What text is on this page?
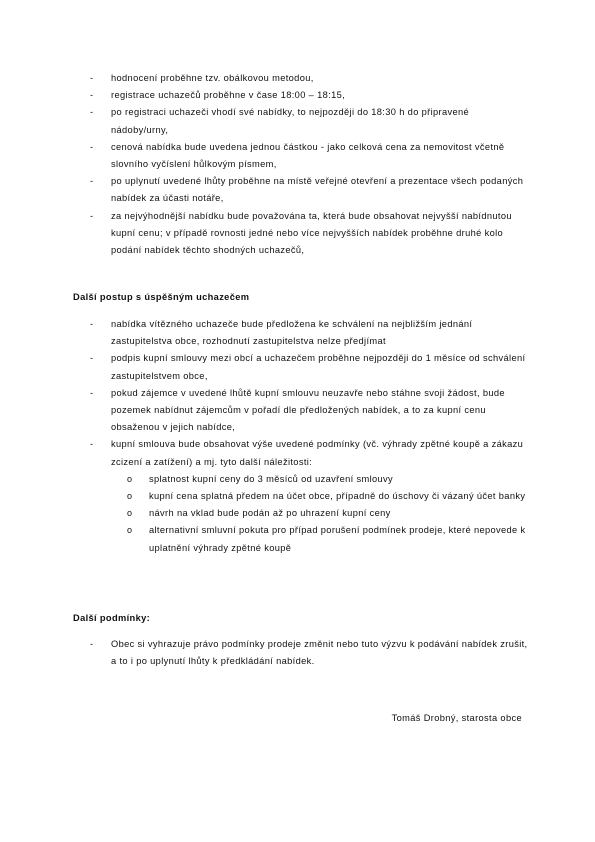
-	hodnocení proběhne tzv. obálkovou metodou,
-	registrace uchazečů proběhne v čase 18:00 – 18:15,
-	po registraci uchazeči vhodí své nabídky, to nejpozději do 18:30 h do připravené nádoby/urny,
-	cenová nabídka bude uvedena jednou částkou - jako celková cena za nemovitost včetně slovního vyčíslení hůlkovým písmem,
-	po uplynutí uvedené lhůty proběhne na místě veřejné otevření a prezentace všech podaných nabídek za účasti notáře,
-	za nejvýhodnější nabídku bude považována ta, která bude obsahovat nejvyšší nabídnutou kupní cenu; v případě rovnosti jedné nebo více nejvyšších nabídek proběhne druhé kolo podání nabídek těchto shodných uchazečů,
Další postup s úspěšným uchazečem
-	nabídka vítězného uchazeče bude předložena ke schválení na nejbližším jednání zastupitelstva obce, rozhodnutí zastupitelstva nelze předjímat
-	podpis kupní smlouvy mezi obcí a uchazečem proběhne nejpozději do 1 měsíce od schválení zastupitelstvem obce,
-	pokud zájemce v uvedené lhůtě kupní smlouvu neuzavře nebo stáhne svoji žádost, bude pozemek nabídnut zájemcům v pořadí dle předložených nabídek, a to za kupní cenu obsaženou v jejich nabídce,
-	kupní smlouva bude obsahovat výše uvedené podmínky (vč. výhrady zpětné koupě a zákazu zcizení a zatížení) a mj. tyto další náležitosti:
o splatnost kupní ceny do 3 měsíců od uzavření smlouvy
o kupní cena splatná předem na účet obce, případně do úschovy či vázaný účet banky
o návrh na vklad bude podán až po uhrazení kupní ceny
o alternativní smluvní pokuta pro případ porušení podmínek prodeje, které nepovede k uplatnění výhrady zpětné koupě
Další podmínky:
-	Obec si vyhrazuje právo podmínky prodeje změnit nebo tuto výzvu k podávání nabídek zrušit, a to i po uplynutí lhůty k předkládání nabídek.
Tomáš Drobný, starosta obce
